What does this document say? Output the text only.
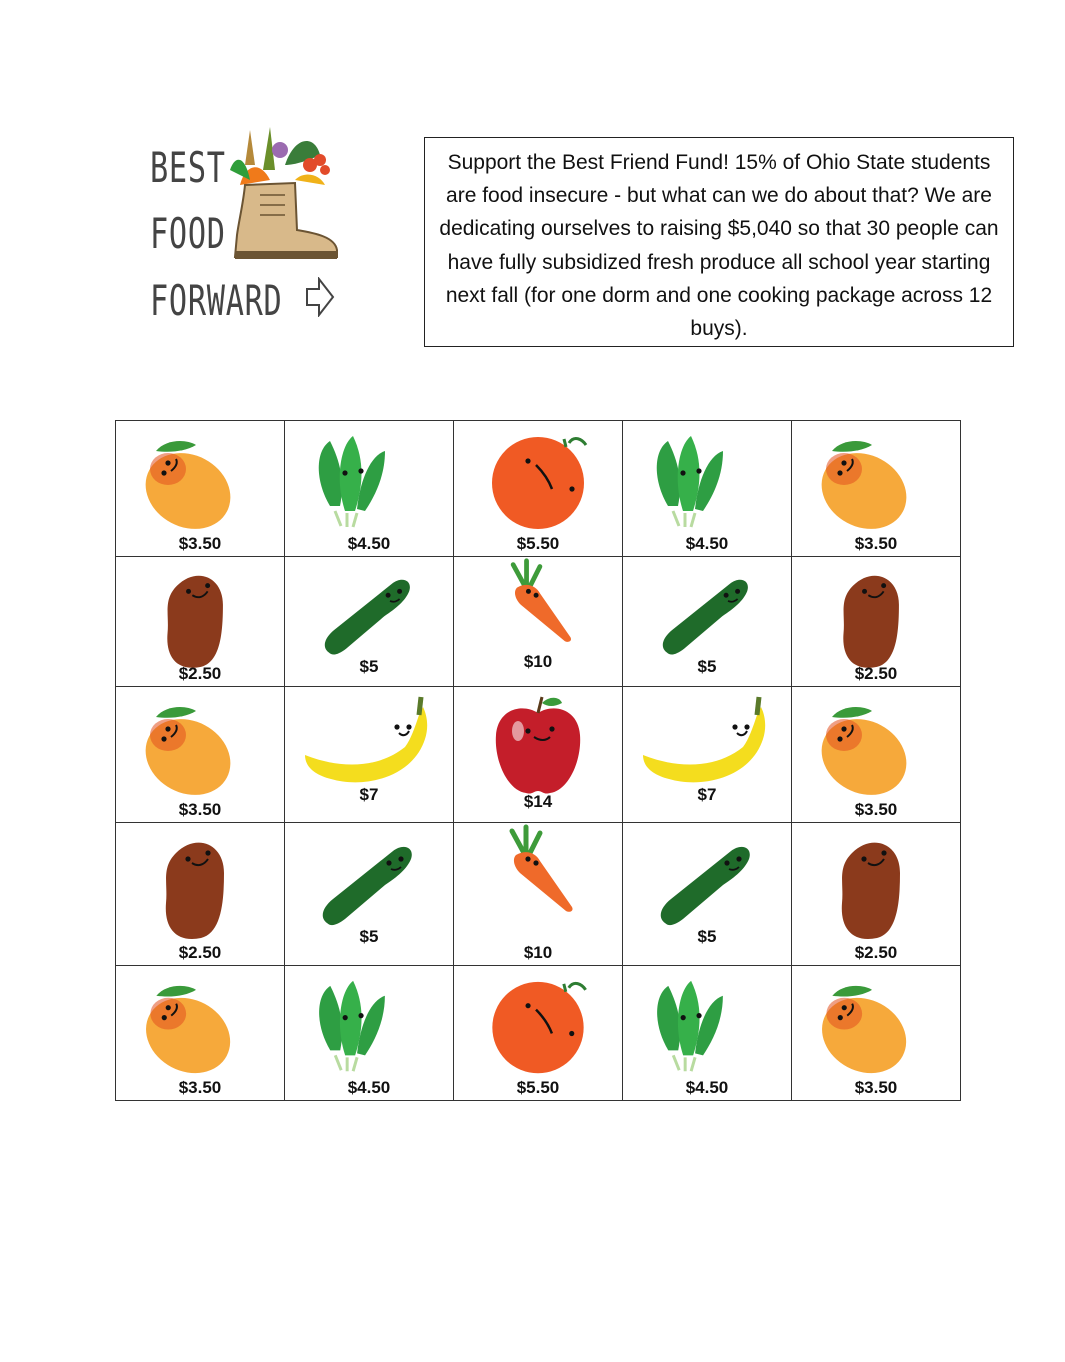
BEST
FOOD
FORWARD
Support the Best Friend Fund! 15% of Ohio State students are food insecure - but what can we do about that? We are dedicating ourselves to raising $5,040 so that 30 people can have fully subsidized fresh produce all school year starting next fall (for one dorm and one cooking package across 12 buys).
$3.50	$4.50	$5.50	$4.50	$3.50

$2.50	$5	$10	$5	$2.50

$3.50	$7	$14	$7	$3.50

$2.50	$5	$10	$5	$2.50

$3.50	$4.50	$5.50	$4.50	$3.50
